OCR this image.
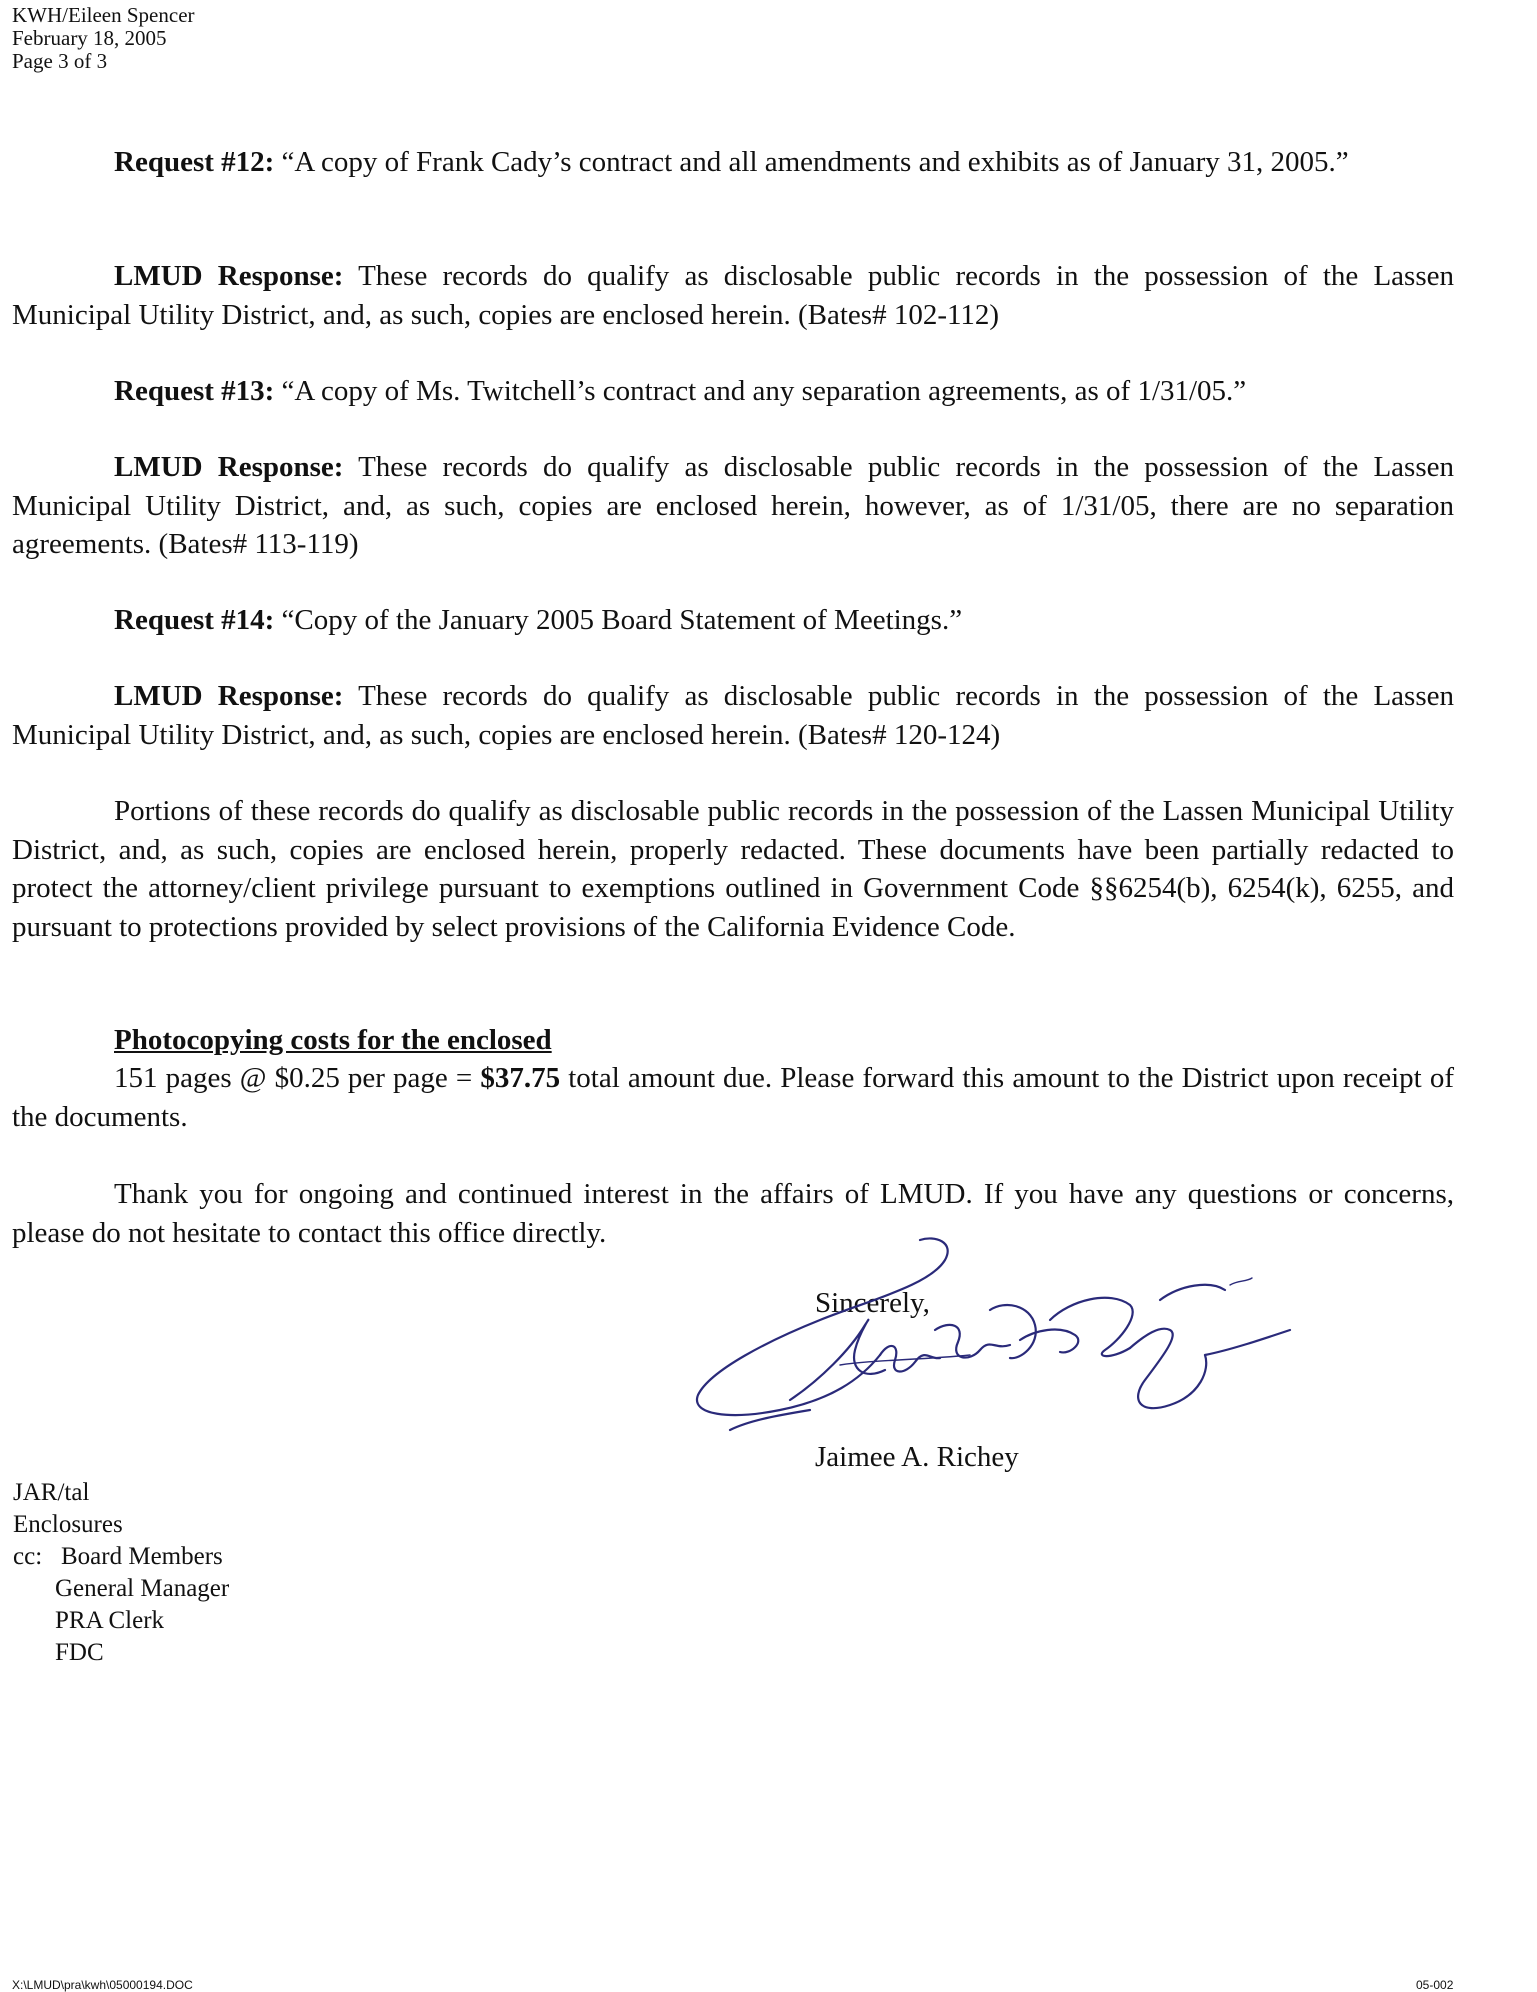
KWH/Eileen Spencer
February 18, 2005
Page 3 of 3

Request #12: “A copy of Frank Cady’s contract and all amendments and exhibits as of January 31, 2005.”

LMUD Response: These records do qualify as disclosable public records in the possession of the Lassen Municipal Utility District, and, as such, copies are enclosed herein. (Bates# 102-112)

Request #13: “A copy of Ms. Twitchell’s contract and any separation agreements, as of 1/31/05.”

LMUD Response: These records do qualify as disclosable public records in the possession of the Lassen Municipal Utility District, and, as such, copies are enclosed herein, however, as of 1/31/05, there are no separation agreements. (Bates# 113-119)

Request #14: “Copy of the January 2005 Board Statement of Meetings.”

LMUD Response: These records do qualify as disclosable public records in the possession of the Lassen Municipal Utility District, and, as such, copies are enclosed herein. (Bates# 120-124)

Portions of these records do qualify as disclosable public records in the possession of the Lassen Municipal Utility District, and, as such, copies are enclosed herein, properly redacted. These documents have been partially redacted to protect the attorney/client privilege pursuant to exemptions outlined in Government Code §§6254(b), 6254(k), 6255, and pursuant to protections provided by select provisions of the California Evidence Code.

Photocopying costs for the enclosed

151 pages @ $0.25 per page = $37.75 total amount due. Please forward this amount to the District upon receipt of the documents.

Thank you for ongoing and continued interest in the affairs of LMUD. If you have any questions or concerns, please do not hesitate to contact this office directly.

Sincerely,
Jaimee A. Richey
JAR/tal
Enclosures
cc: Board Members
General Manager
PRA Clerk
FDC
X:\LMUD\pra\kwh\05000194.DOC	05-002
